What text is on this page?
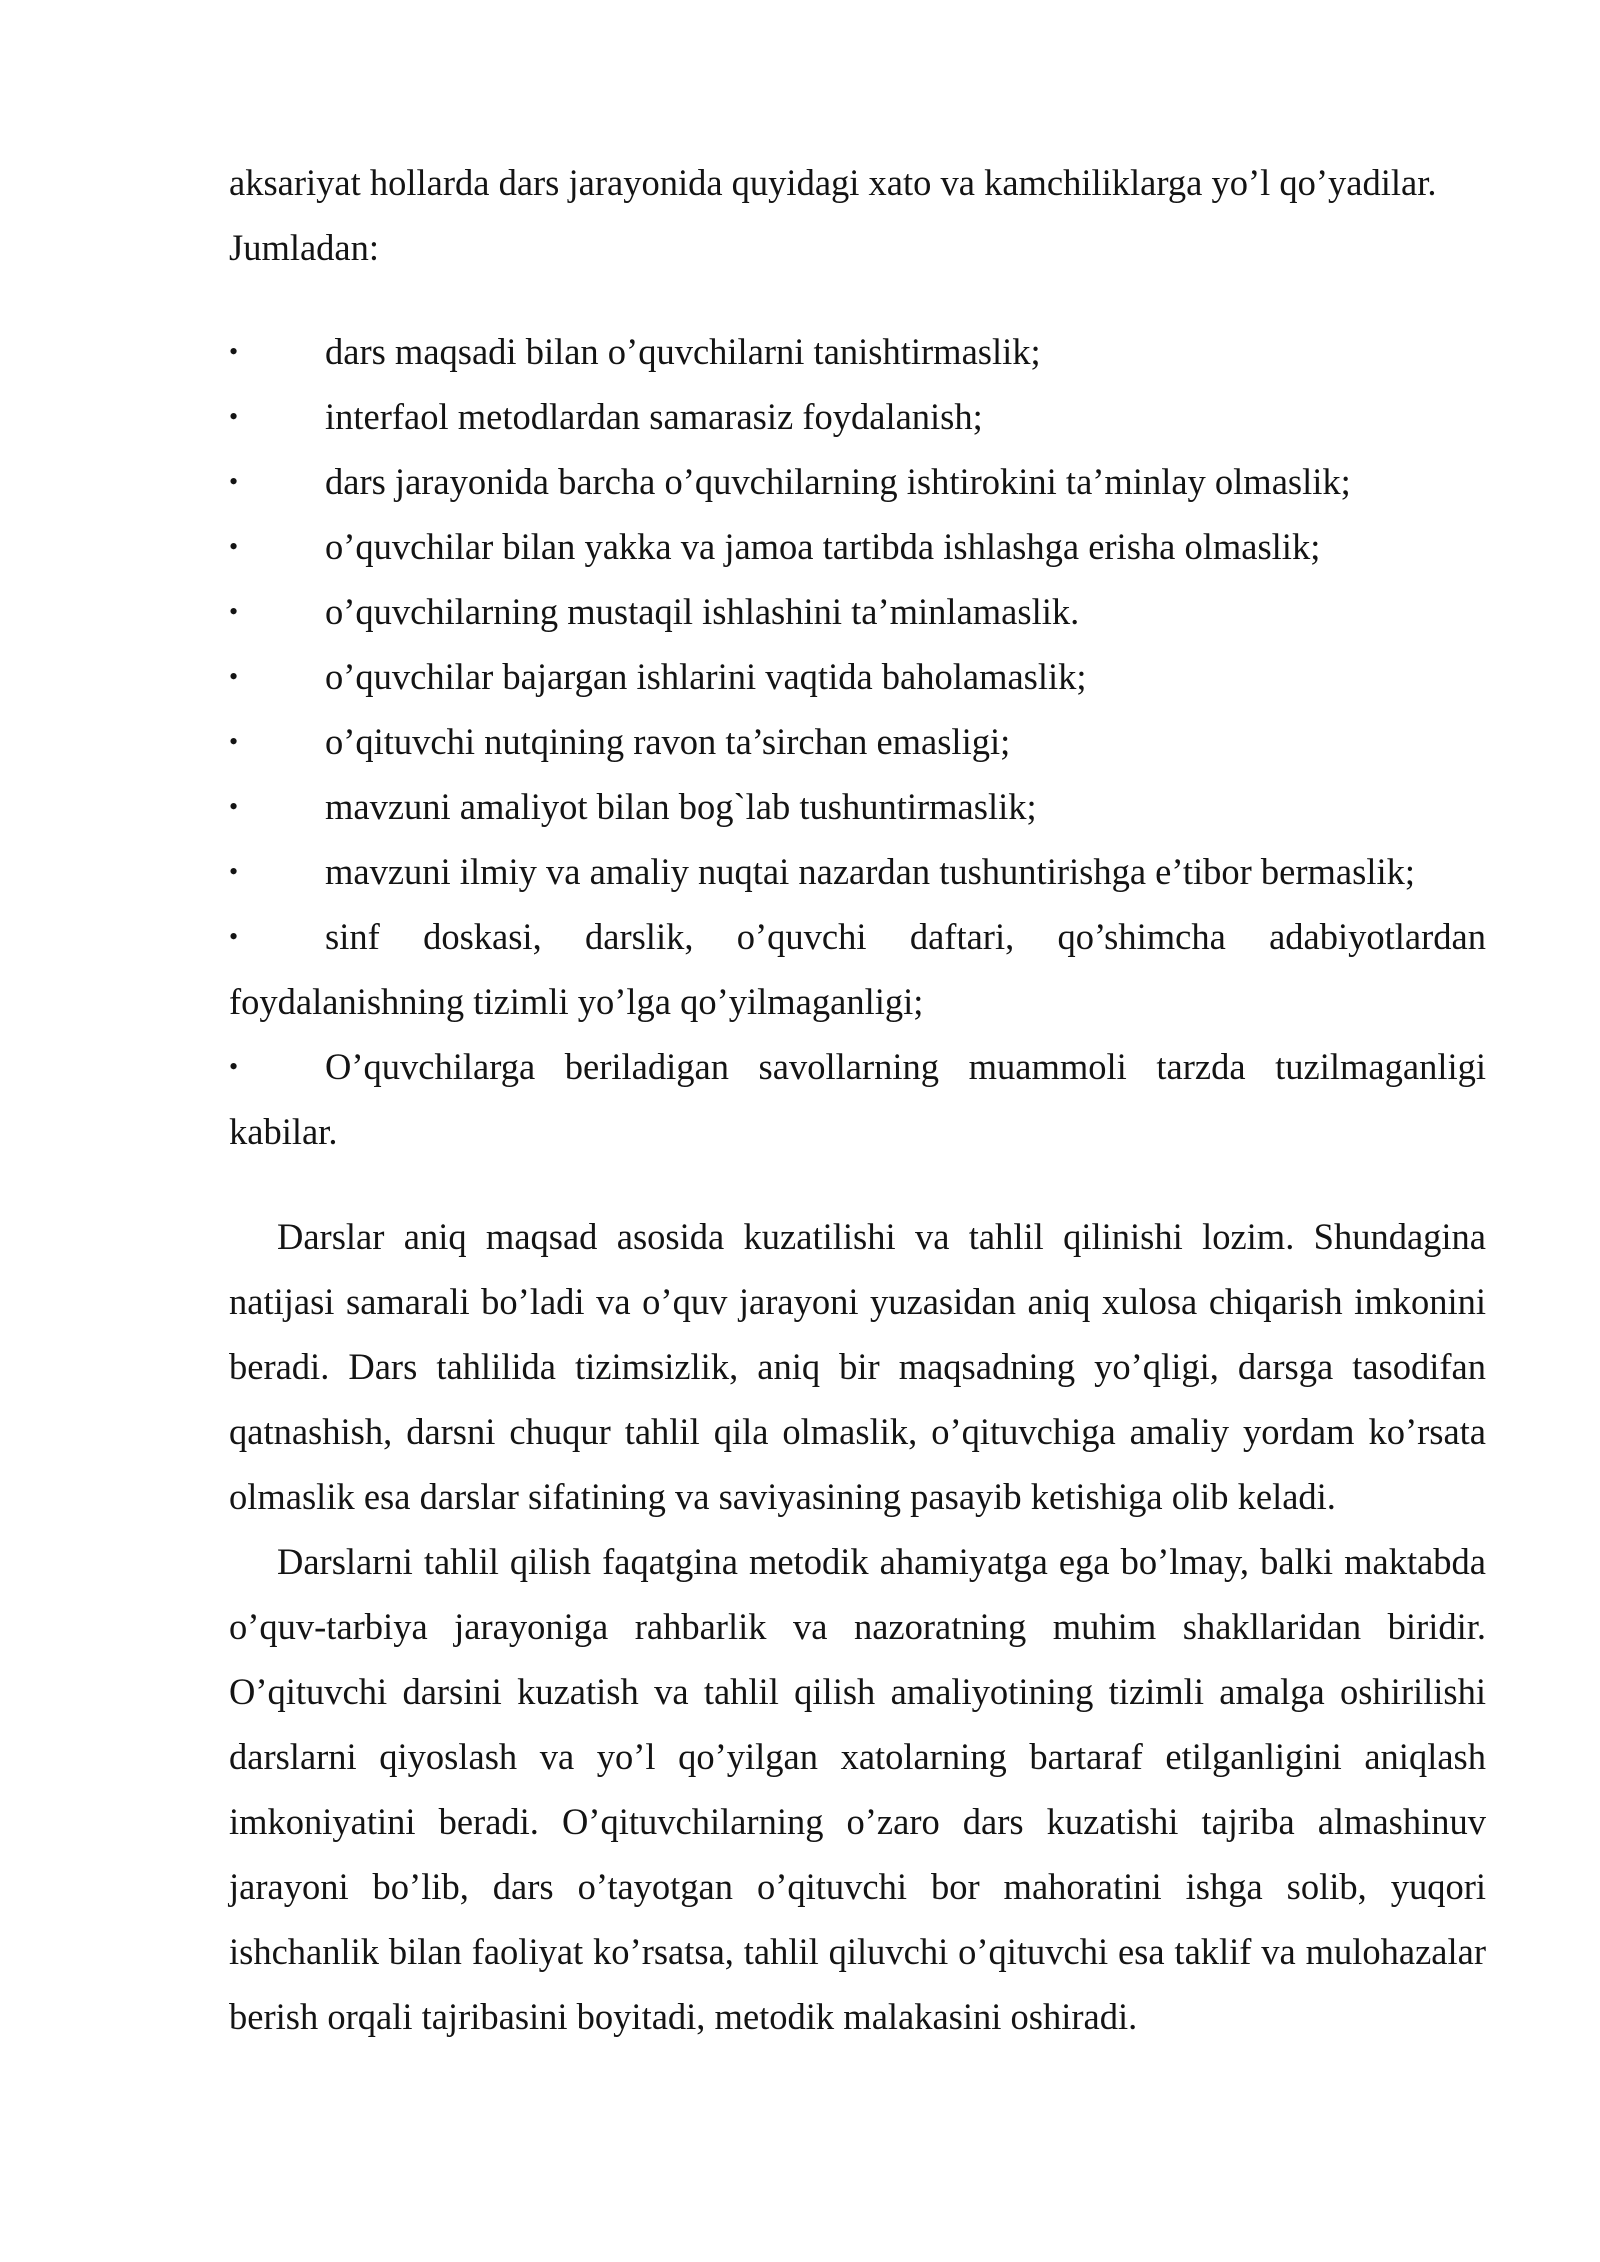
aksariyat hollarda dars jarayonida quyidagi xato va kamchiliklarga yo’l qo’yadilar.
Jumladan:

• dars maqsadi bilan o’quvchilarni tanishtirmaslik;
• interfaol metodlardan samarasiz foydalanish;
• dars jarayonida barcha o’quvchilarning ishtirokini ta’minlay olmaslik;
• o’quvchilar bilan yakka va jamoa tartibda ishlashga erisha olmaslik;
• o’quvchilarning mustaqil ishlashini ta’minlamaslik.
• o’quvchilar bajargan ishlarini vaqtida baholamaslik;
• o’qituvchi nutqining ravon ta’sirchan emasligi;
• mavzuni amaliyot bilan bog`lab tushuntirmaslik;
• mavzuni ilmiy va amaliy nuqtai nazardan tushuntirishga e’tibor bermaslik;
• sinf doskasi, darslik, o’quvchi daftari, qo’shimcha adabiyotlardan foydalanishning tizimli yo’lga qo’yilmaganligi;
• O’quvchilarga beriladigan savollarning muammoli tarzda tuzilmaganligi kabilar.

Darslar aniq maqsad asosida kuzatilishi va tahlil qilinishi lozim. Shundagina natijasi samarali bo’ladi va o’quv jarayoni yuzasidan aniq xulosa chiqarish imkonini beradi. Dars tahlilida tizimsizlik, aniq bir maqsadning yo’qligi, darsga tasodifan qatnashish, darsni chuqur tahlil qila olmaslik, o’qituvchiga amaliy yordam ko’rsata olmaslik esa darslar sifatining va saviyasining pasayib ketishiga olib keladi.

Darslarni tahlil qilish faqatgina metodik ahamiyatga ega bo’lmay, balki maktabda o’quv-tarbiya jarayoniga rahbarlik va nazoratning muhim shakllaridan biridir. O’qituvchi darsini kuzatish va tahlil qilish amaliyotining tizimli amalga oshirilishi darslarni qiyoslash va yo’l qo’yilgan xatolarning bartaraf etilganligini aniqlash imkoniyatini beradi. O’qituvchilarning o’zaro dars kuzatishi tajriba almashinuv jarayoni bo’lib, dars o’tayotgan o’qituvchi bor mahoratini ishga solib, yuqori ishchanlik bilan faoliyat ko’rsatsa, tahlil qiluvchi o’qituvchi esa taklif va mulohazalar berish orqali tajribasini boyitadi, metodik malakasini oshiradi.
